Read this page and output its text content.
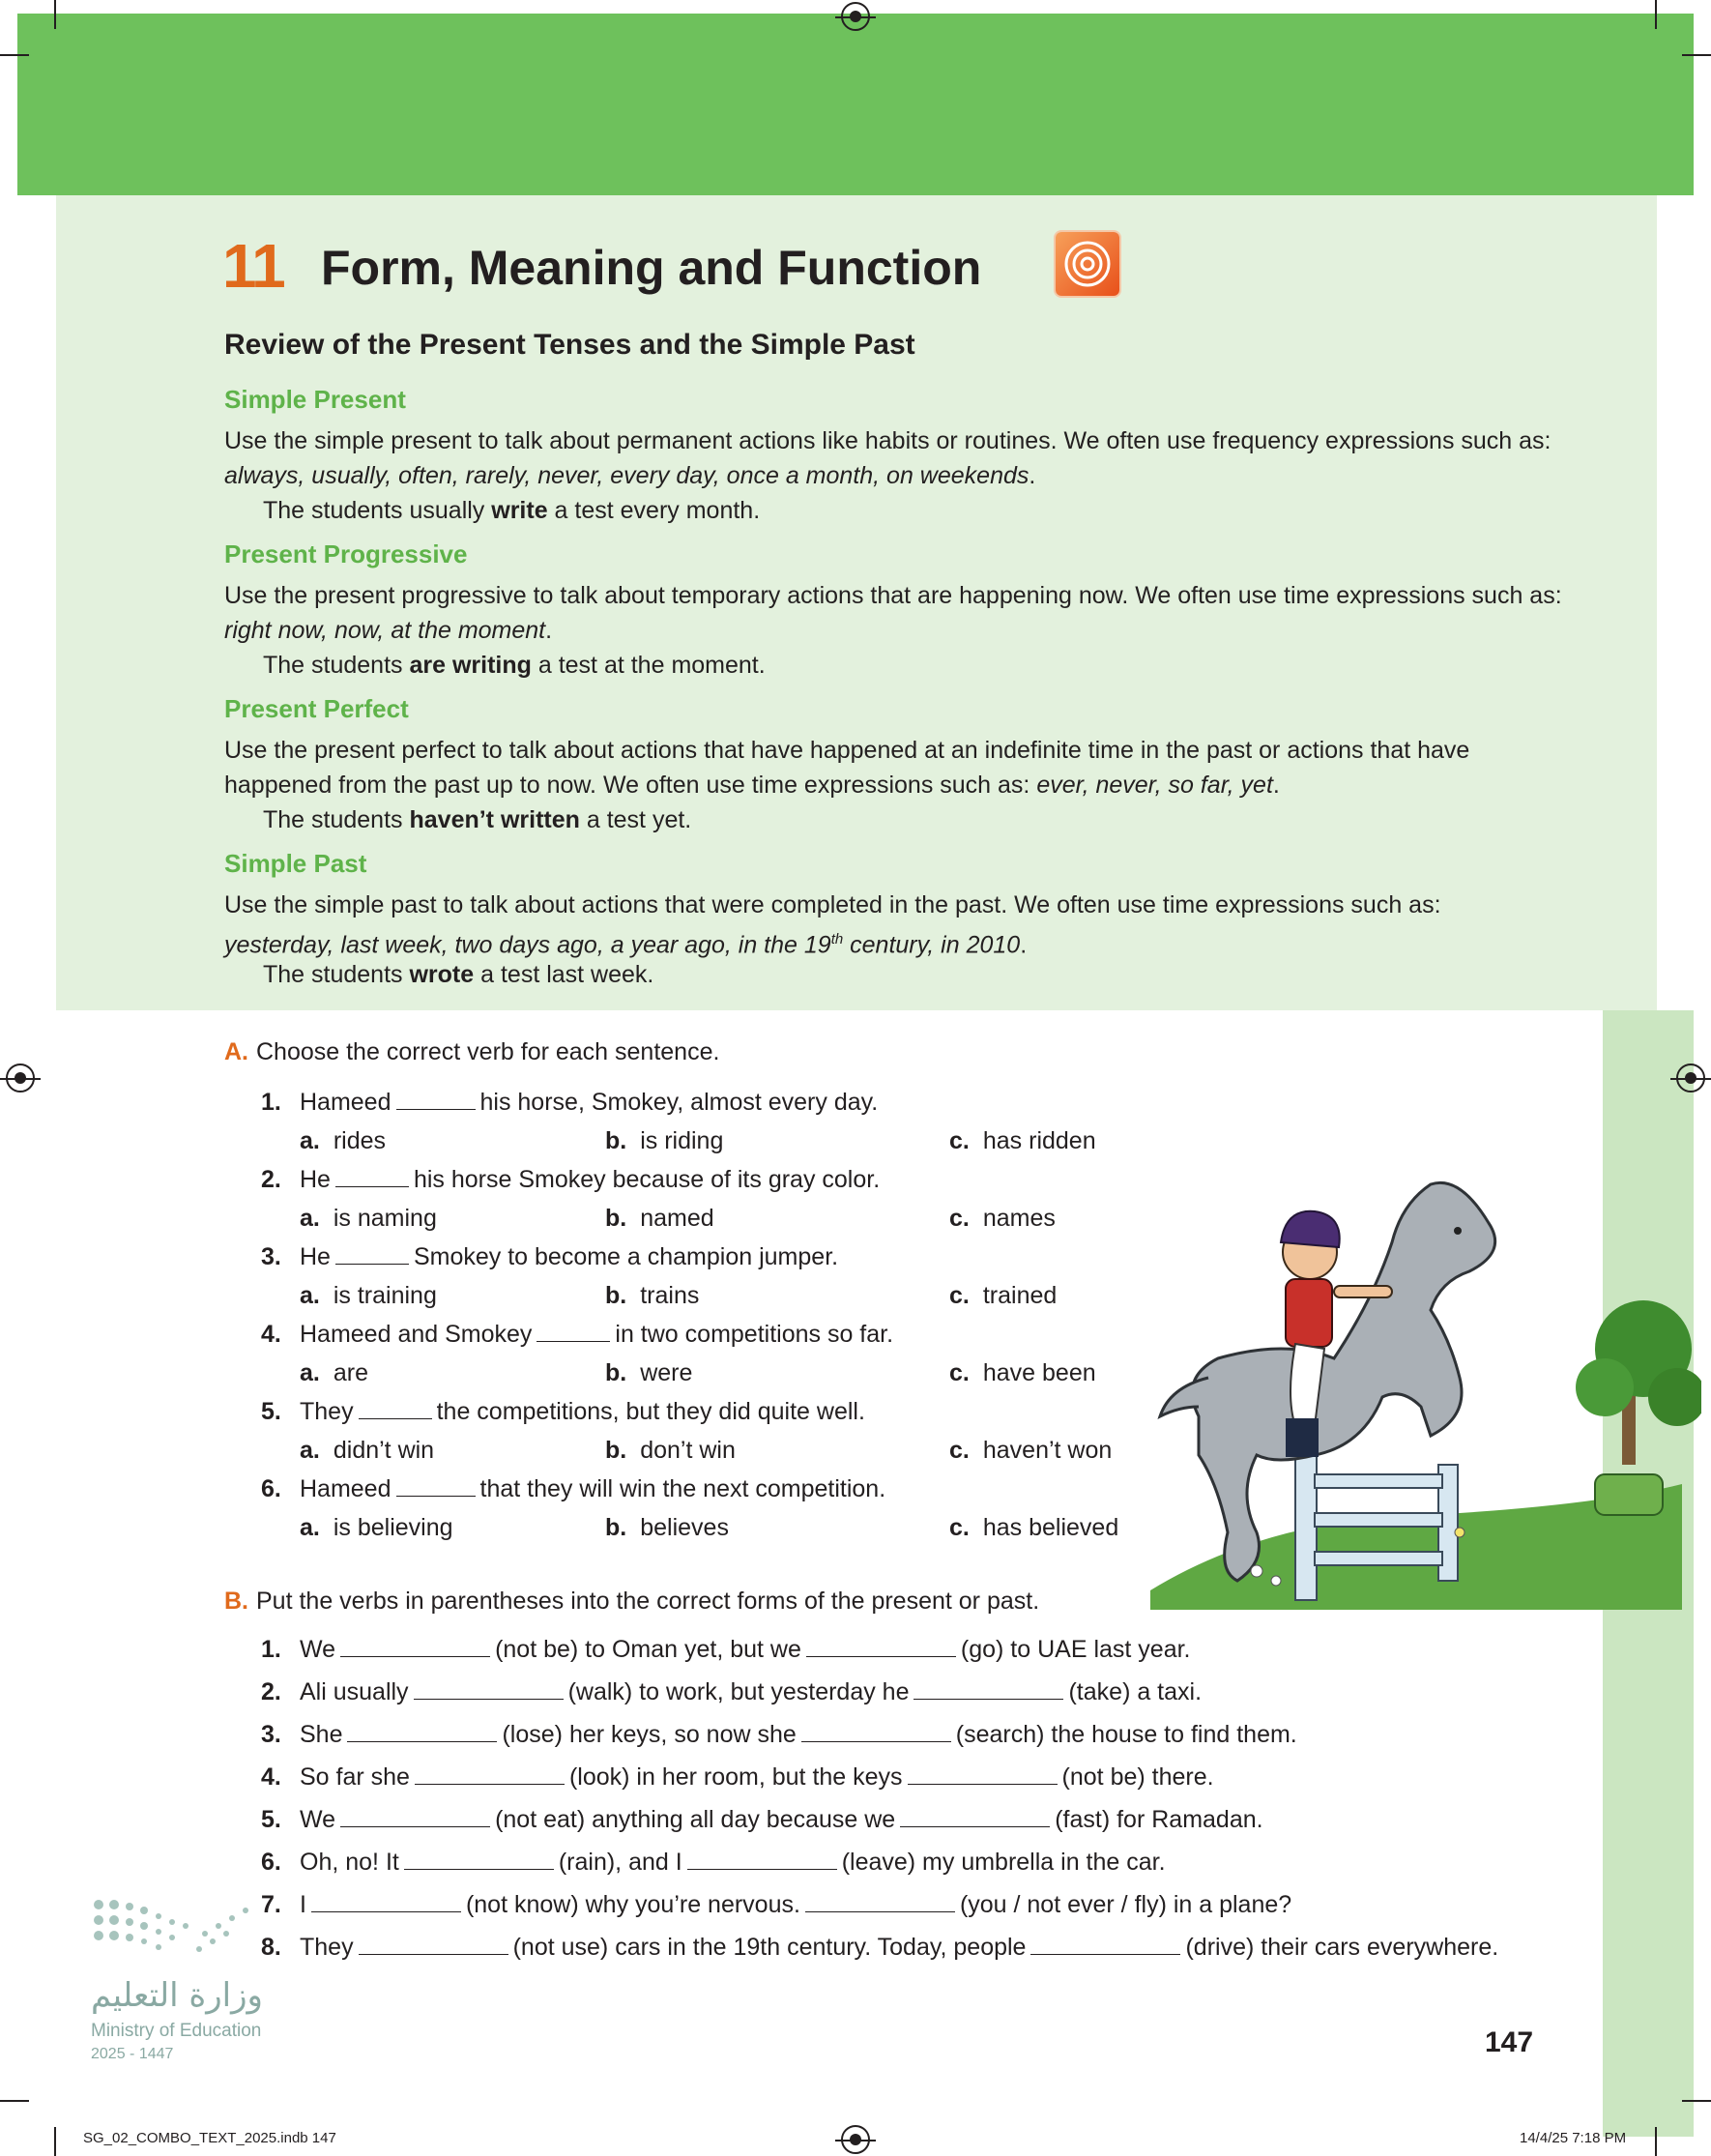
11 Form, Meaning and Function
Review of the Present Tenses and the Simple Past
Simple Present
Use the simple present to talk about permanent actions like habits or routines. We often use frequency expressions such as:
always, usually, often, rarely, never, every day, once a month, on weekends.
The students usually write a test every month.
Present Progressive
Use the present progressive to talk about temporary actions that are happening now. We often use time expressions such as:
right now, now, at the moment.
The students are writing a test at the moment.
Present Perfect
Use the present perfect to talk about actions that have happened at an indefinite time in the past or actions that have
happened from the past up to now. We often use time expressions such as: ever, never, so far, yet.
The students haven’t written a test yet.
Simple Past
Use the simple past to talk about actions that were completed in the past. We often use time expressions such as:
yesterday, last week, two days ago, a year ago, in the 19th century, in 2010.
The students wrote a test last week.
A. Choose the correct verb for each sentence.
1. Hameed	his horse, Smokey, almost every day.
a. rides	b. is riding	c. has ridden
2. He	his horse Smokey because of its gray color.
a. is naming	b. named	c. names
3. He	Smokey to become a champion jumper.
a. is training	b. trains	c. trained
4. Hameed and Smokey	in two competitions so far.
a. are	b. were	c. have been
5. They	the competitions, but they did quite well.
a. didn’t win	b. don’t win	c. haven’t won
6. Hameed	that they will win the next competition.
a. is believing	b. believes	c. has believed
B. Put the verbs in parentheses into the correct forms of the present or past.
1. We	(not be) to Oman yet, but we	(go) to UAE last year.
2. Ali usually	(walk) to work, but yesterday he	(take) a taxi.
3. She	(lose) her keys, so now she	(search) the house to find them.
4. So far she	(look) in her room, but the keys	(not be) there.
5. We	(not eat) anything all day because we	(fast) for Ramadan.
6. Oh, no! It	(rain), and I	(leave) my umbrella in the car.
7. I	(not know) why you’re nervous.	(you / not ever / fly) in a plane?
8. They	(not use) cars in the 19th century. Today, people	(drive) their cars everywhere.
وزارة التعليم
Ministry of Education
2025 - 1447	147
SG_02_COMBO_TEXT_2025.indb 147	14/4/25 7:18 PM
